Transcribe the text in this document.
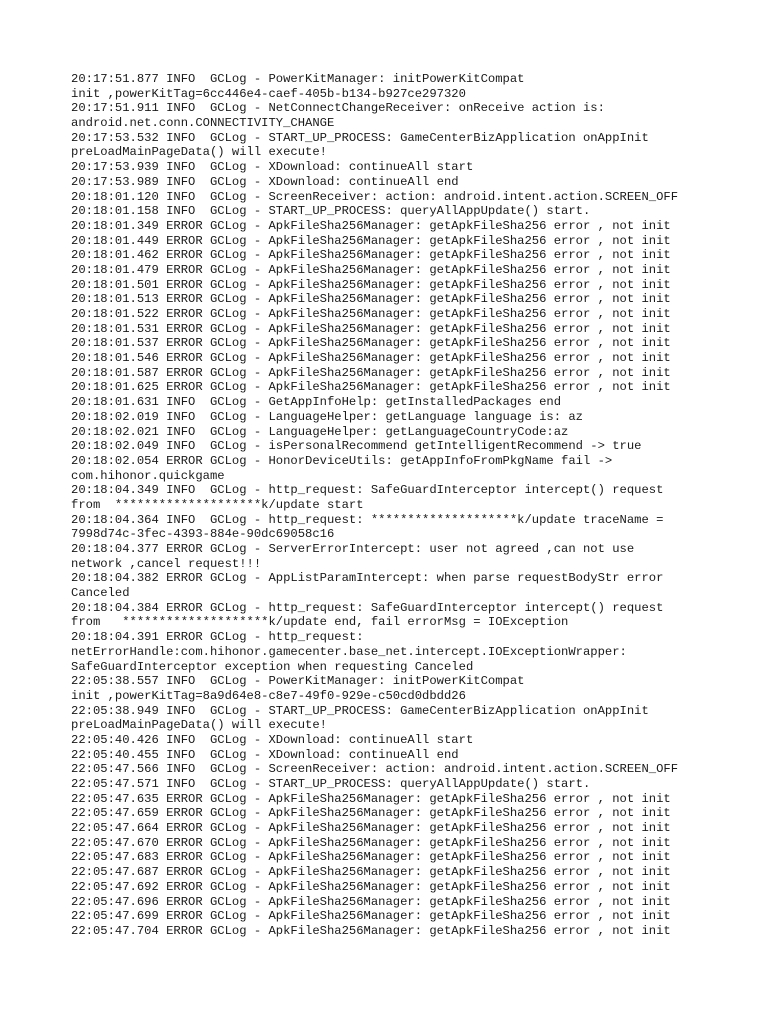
20:17:51.877 INFO  GCLog - PowerKitManager: initPowerKitCompat
init ,powerKitTag=6cc446e4-caef-405b-b134-b927ce297320
20:17:51.911 INFO  GCLog - NetConnectChangeReceiver: onReceive action is:
android.net.conn.CONNECTIVITY_CHANGE
20:17:53.532 INFO  GCLog - START_UP_PROCESS: GameCenterBizApplication onAppInit
preLoadMainPageData() will execute!
20:17:53.939 INFO  GCLog - XDownload: continueAll start
20:17:53.989 INFO  GCLog - XDownload: continueAll end
20:18:01.120 INFO  GCLog - ScreenReceiver: action: android.intent.action.SCREEN_OFF
20:18:01.158 INFO  GCLog - START_UP_PROCESS: queryAllAppUpdate() start.
20:18:01.349 ERROR GCLog - ApkFileSha256Manager: getApkFileSha256 error , not init
20:18:01.449 ERROR GCLog - ApkFileSha256Manager: getApkFileSha256 error , not init
20:18:01.462 ERROR GCLog - ApkFileSha256Manager: getApkFileSha256 error , not init
20:18:01.479 ERROR GCLog - ApkFileSha256Manager: getApkFileSha256 error , not init
20:18:01.501 ERROR GCLog - ApkFileSha256Manager: getApkFileSha256 error , not init
20:18:01.513 ERROR GCLog - ApkFileSha256Manager: getApkFileSha256 error , not init
20:18:01.522 ERROR GCLog - ApkFileSha256Manager: getApkFileSha256 error , not init
20:18:01.531 ERROR GCLog - ApkFileSha256Manager: getApkFileSha256 error , not init
20:18:01.537 ERROR GCLog - ApkFileSha256Manager: getApkFileSha256 error , not init
20:18:01.546 ERROR GCLog - ApkFileSha256Manager: getApkFileSha256 error , not init
20:18:01.587 ERROR GCLog - ApkFileSha256Manager: getApkFileSha256 error , not init
20:18:01.625 ERROR GCLog - ApkFileSha256Manager: getApkFileSha256 error , not init
20:18:01.631 INFO  GCLog - GetAppInfoHelp: getInstalledPackages end
20:18:02.019 INFO  GCLog - LanguageHelper: getLanguage language is: az
20:18:02.021 INFO  GCLog - LanguageHelper: getLanguageCountryCode:az
20:18:02.049 INFO  GCLog - isPersonalRecommend getIntelligentRecommend -> true
20:18:02.054 ERROR GCLog - HonorDeviceUtils: getAppInfoFromPkgName fail ->
com.hihonor.quickgame
20:18:04.349 INFO  GCLog - http_request: SafeGuardInterceptor intercept() request
from  ********************k/update start
20:18:04.364 INFO  GCLog - http_request: ********************k/update traceName =
7998d74c-3fec-4393-884e-90dc69058c16
20:18:04.377 ERROR GCLog - ServerErrorIntercept: user not agreed ,can not use
network ,cancel request!!!
20:18:04.382 ERROR GCLog - AppListParamIntercept: when parse requestBodyStr error
Canceled
20:18:04.384 ERROR GCLog - http_request: SafeGuardInterceptor intercept() request
from   ********************k/update end, fail errorMsg = IOException
20:18:04.391 ERROR GCLog - http_request:
netErrorHandle:com.hihonor.gamecenter.base_net.intercept.IOExceptionWrapper:
SafeGuardInterceptor exception when requesting Canceled
22:05:38.557 INFO  GCLog - PowerKitManager: initPowerKitCompat
init ,powerKitTag=8a9d64e8-c8e7-49f0-929e-c50cd0dbdd26
22:05:38.949 INFO  GCLog - START_UP_PROCESS: GameCenterBizApplication onAppInit
preLoadMainPageData() will execute!
22:05:40.426 INFO  GCLog - XDownload: continueAll start
22:05:40.455 INFO  GCLog - XDownload: continueAll end
22:05:47.566 INFO  GCLog - ScreenReceiver: action: android.intent.action.SCREEN_OFF
22:05:47.571 INFO  GCLog - START_UP_PROCESS: queryAllAppUpdate() start.
22:05:47.635 ERROR GCLog - ApkFileSha256Manager: getApkFileSha256 error , not init
22:05:47.659 ERROR GCLog - ApkFileSha256Manager: getApkFileSha256 error , not init
22:05:47.664 ERROR GCLog - ApkFileSha256Manager: getApkFileSha256 error , not init
22:05:47.670 ERROR GCLog - ApkFileSha256Manager: getApkFileSha256 error , not init
22:05:47.683 ERROR GCLog - ApkFileSha256Manager: getApkFileSha256 error , not init
22:05:47.687 ERROR GCLog - ApkFileSha256Manager: getApkFileSha256 error , not init
22:05:47.692 ERROR GCLog - ApkFileSha256Manager: getApkFileSha256 error , not init
22:05:47.696 ERROR GCLog - ApkFileSha256Manager: getApkFileSha256 error , not init
22:05:47.699 ERROR GCLog - ApkFileSha256Manager: getApkFileSha256 error , not init
22:05:47.704 ERROR GCLog - ApkFileSha256Manager: getApkFileSha256 error , not init
